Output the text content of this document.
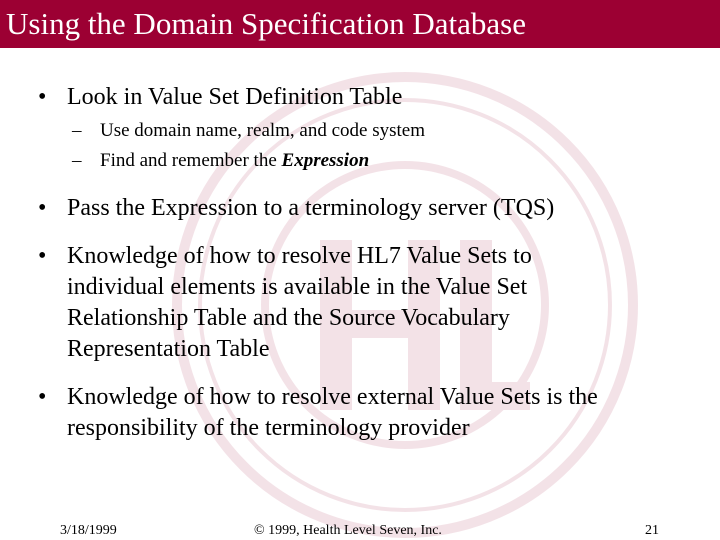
Using the Domain Specification Database
• Look in Value Set Definition Table
– Use domain name, realm, and code system
– Find and remember the Expression
• Pass the Expression to a terminology server (TQS)
• Knowledge of how to resolve HL7 Value Sets to
individual elements is available in the Value Set
Relationship Table and the Source Vocabulary
Representation Table
• Knowledge of how to resolve external Value Sets is the
responsibility of the terminology provider
3/18/1999	© 1999, Health Level Seven, Inc.	21
